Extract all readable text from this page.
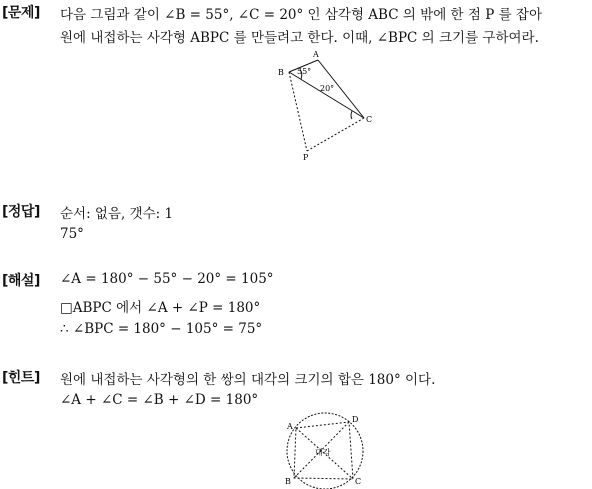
[문제] 다음 그림과 같이 ∠B = 55°, ∠C = 20° 인 삼각형 ABC 의 밖에 한 점 P 를 잡아
원에 내접하는 사각형 ABPC 를 만들려고 한다. 이때, ∠BPC 의 크기를 구하여라.
A
B
C
P
55°
20°
[정답] 순서: 없음, 갯수: 1
75°
[해설] ∠A = 180° − 55° − 20° = 105°
□ABPC 에서 ∠A + ∠P = 180°
∴ ∠BPC = 180° − 105° = 75°
[힌트] 원에 내접하는 사각형의 한 쌍의 대각의 크기의 합은 180° 이다.
∠A + ∠C = ∠B + ∠D = 180°
A
D
B	C
대각
